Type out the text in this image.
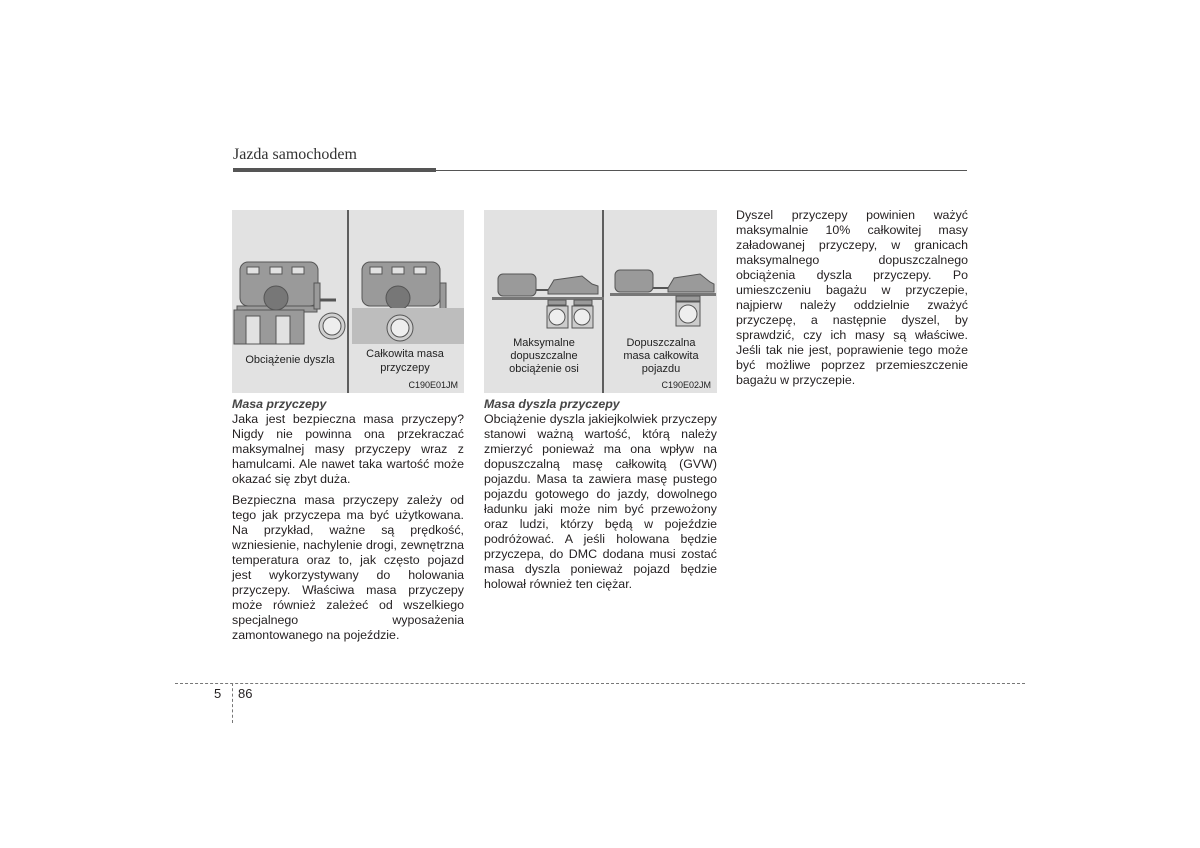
Jazda samochodem
Obciążenie dyszla	Całkowita masa
przyczepy
C190E01JM
Maksymalne
dopuszczalne
obciążenie osi
Dopuszczalna
masa całkowita
pojazdu
C190E02JM
Masa przyczepy

Jaka jest bezpieczna masa przyczepy? Nigdy nie powinna ona przekraczać maksymalnej masy przyczepy wraz z hamulcami. Ale nawet taka wartość może okazać się zbyt duża.

Bezpieczna masa przyczepy zależy od tego jak przyczepa ma być użytkowana. Na przykład, ważne są prędkość, wzniesienie, nachylenie drogi, zewnętrzna temperatura oraz to, jak często pojazd jest wykorzystywany do holowania przyczepy. Właściwa masa przyczepy może również zależeć od wszelkiego specjalnego wyposażenia zamontowanego na pojeździe.

Masa dyszla przyczepy

Obciążenie dyszla jakiejkolwiek przyczepy stanowi ważną wartość, którą należy zmierzyć ponieważ ma ona wpływ na dopuszczalną masę całkowitą (GVW) pojazdu. Masa ta zawiera masę pustego pojazdu gotowego do jazdy, dowolnego ładunku jaki może nim być przewożony oraz ludzi, którzy będą w pojeździe podróżować. A jeśli holowana będzie przyczepa, do DMC dodana musi zostać masa dyszla ponieważ pojazd będzie holował również ten ciężar.

Dyszel przyczepy powinien ważyć maksymalnie 10% całkowitej masy załadowanej przyczepy, w granicach maksymalnego dopuszczalnego obciążenia dyszla przyczepy. Po umieszczeniu bagażu w przyczepie, najpierw należy oddzielnie zważyć przyczepę, a następnie dyszel, by sprawdzić, czy ich masy są właściwe. Jeśli tak nie jest, poprawienie tego może być możliwe poprzez przemieszczenie bagażu w przyczepie.

5 86
